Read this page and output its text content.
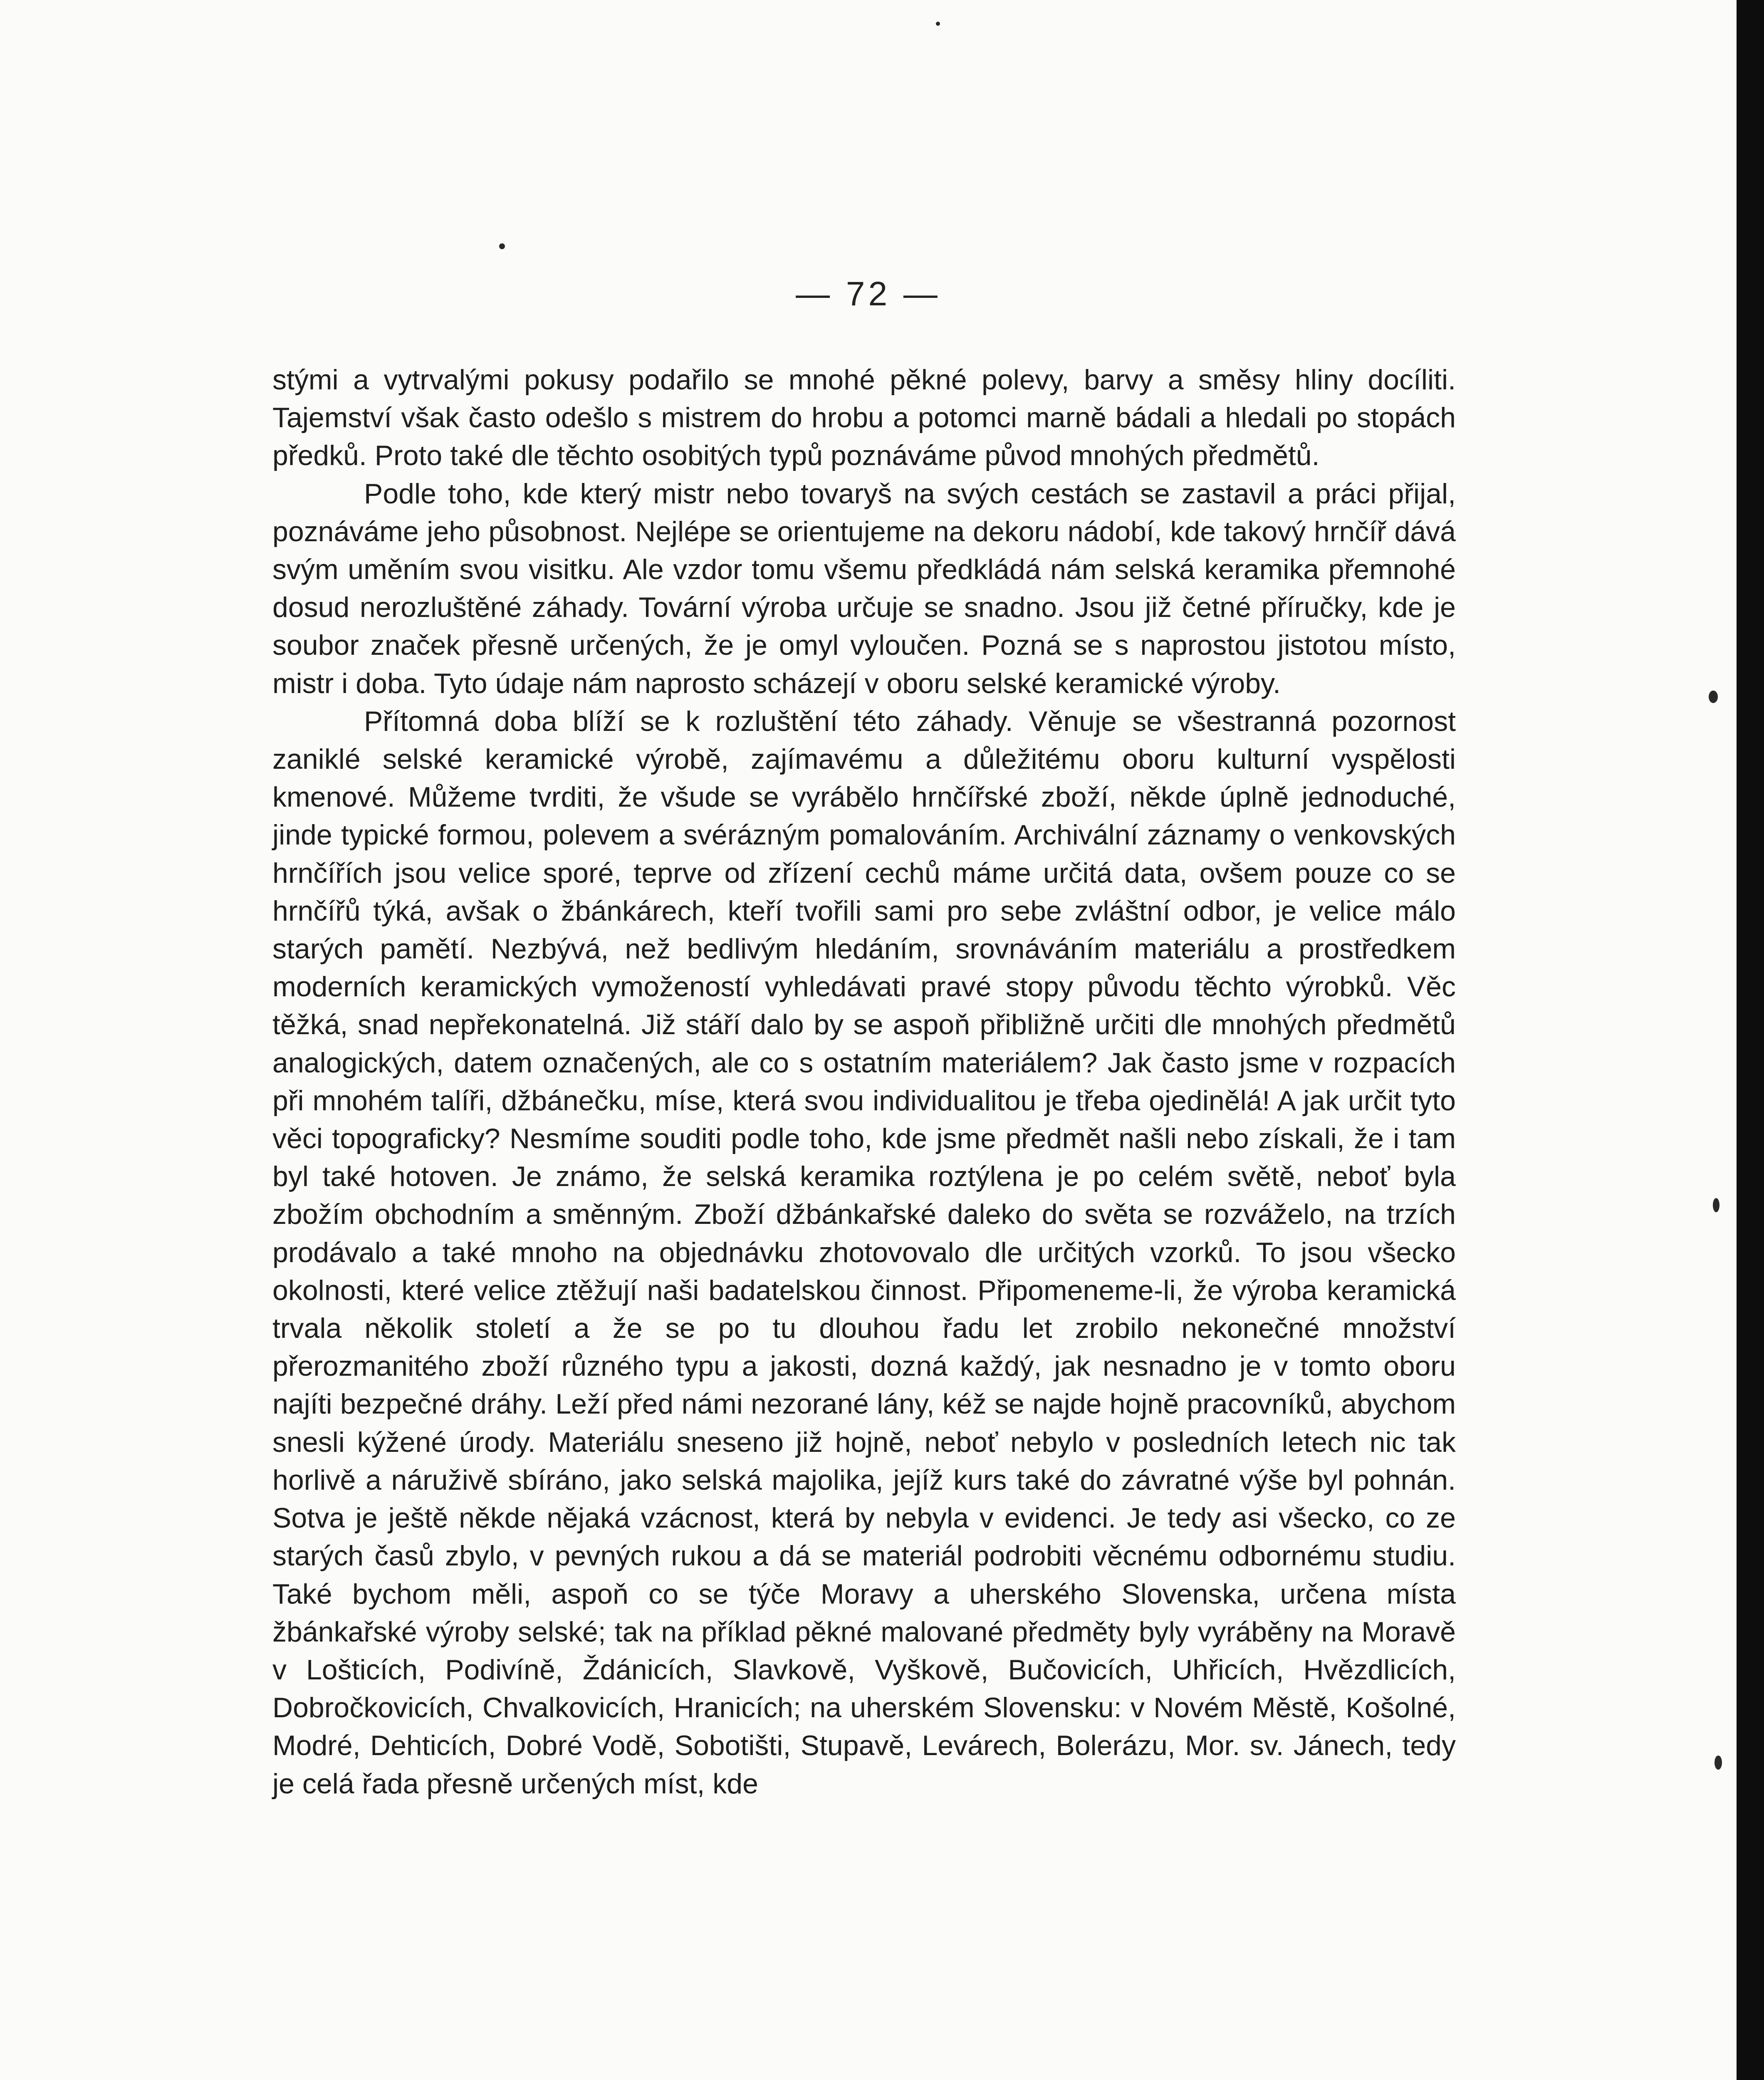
— 72 —

stými a vytrvalými pokusy podařilo se mnohé pěkné polevy, barvy a směsy hliny docíliti. Tajemství však často odešlo s mistrem do hrobu a potomci marně bádali a hledali po stopách předků. Proto také dle těchto osobitých typů poznáváme původ mnohých předmětů.

Podle toho, kde který mistr nebo tovaryš na svých cestách se zastavil a práci přijal, poznáváme jeho působnost. Nejlépe se orientujeme na dekoru nádobí, kde takový hrnčíř dává svým uměním svou visitku. Ale vzdor tomu všemu předkládá nám selská keramika přemnohé dosud nerozluštěné záhady. Tovární výroba určuje se snadno. Jsou již četné příručky, kde je soubor značek přesně určených, že je omyl vyloučen. Pozná se s naprostou jistotou místo, mistr i doba. Tyto údaje nám naprosto scházejí v oboru selské keramické výroby.

Přítomná doba blíží se k rozluštění této záhady. Věnuje se všestranná pozornost zaniklé selské keramické výrobě, zajímavému a důležitému oboru kulturní vyspělosti kmenové. Můžeme tvrditi, že všude se vyrábělo hrnčířské zboží, někde úplně jednoduché, jinde typické formou, polevem a svérázným pomalováním. Archivální záznamy o venkovských hrnčířích jsou velice sporé, teprve od zřízení cechů máme určitá data, ovšem pouze co se hrnčířů týká, avšak o žbánkárech, kteří tvořili sami pro sebe zvláštní odbor, je velice málo starých pamětí. Nezbývá, než bedlivým hledáním, srovnáváním materiálu a prostředkem moderních keramických vymožeností vyhledávati pravé stopy původu těchto výrobků. Věc těžká, snad nepřekonatelná. Již stáří dalo by se aspoň přibližně určiti dle mnohých předmětů analogických, datem označených, ale co s ostatním materiálem? Jak často jsme v rozpacích při mnohém talíři, džbánečku, míse, která svou individualitou je třeba ojedinělá! A jak určit tyto věci topograficky? Nesmíme souditi podle toho, kde jsme předmět našli nebo získali, že i tam byl také hotoven. Je známo, že selská keramika roztýlena je po celém světě, neboť byla zbožím obchodním a směnným. Zboží džbánkařské daleko do světa se rozváželo, na trzích prodávalo a také mnoho na objednávku zhotovovalo dle určitých vzorků. To jsou všecko okolnosti, které velice ztěžují naši badatelskou činnost. Připomeneme-li, že výroba keramická trvala několik století a že se po tu dlouhou řadu let zrobilo nekonečné množství přerozmanitého zboží různého typu a jakosti, dozná každý, jak nesnadno je v tomto oboru najíti bezpečné dráhy. Leží před námi nezorané lány, kéž se najde hojně pracovníků, abychom snesli kýžené úrody. Materiálu sneseno již hojně, neboť nebylo v posledních letech nic tak horlivě a náruživě sbíráno, jako selská majolika, jejíž kurs také do závratné výše byl pohnán. Sotva je ještě někde nějaká vzácnost, která by nebyla v evidenci. Je tedy asi všecko, co ze starých časů zbylo, v pevných rukou a dá se materiál podrobiti věcnému odbornému studiu. Také bychom měli, aspoň co se týče Moravy a uherského Slovenska, určena místa žbánkařské výroby selské; tak na příklad pěkné malované předměty byly vyráběny na Moravě v Lošticích, Podivíně, Ždánicích, Slavkově, Vyškově, Bučovicích, Uhřicích, Hvězdlicích, Dobročkovicích, Chvalkovicích, Hranicích; na uherském Slovensku: v Novém Městě, Košolné, Modré, Dehticích, Dobré Vodě, Sobotišti, Stupavě, Levárech, Bolerázu, Mor. sv. Jánech, tedy je celá řada přesně určených míst, kde
